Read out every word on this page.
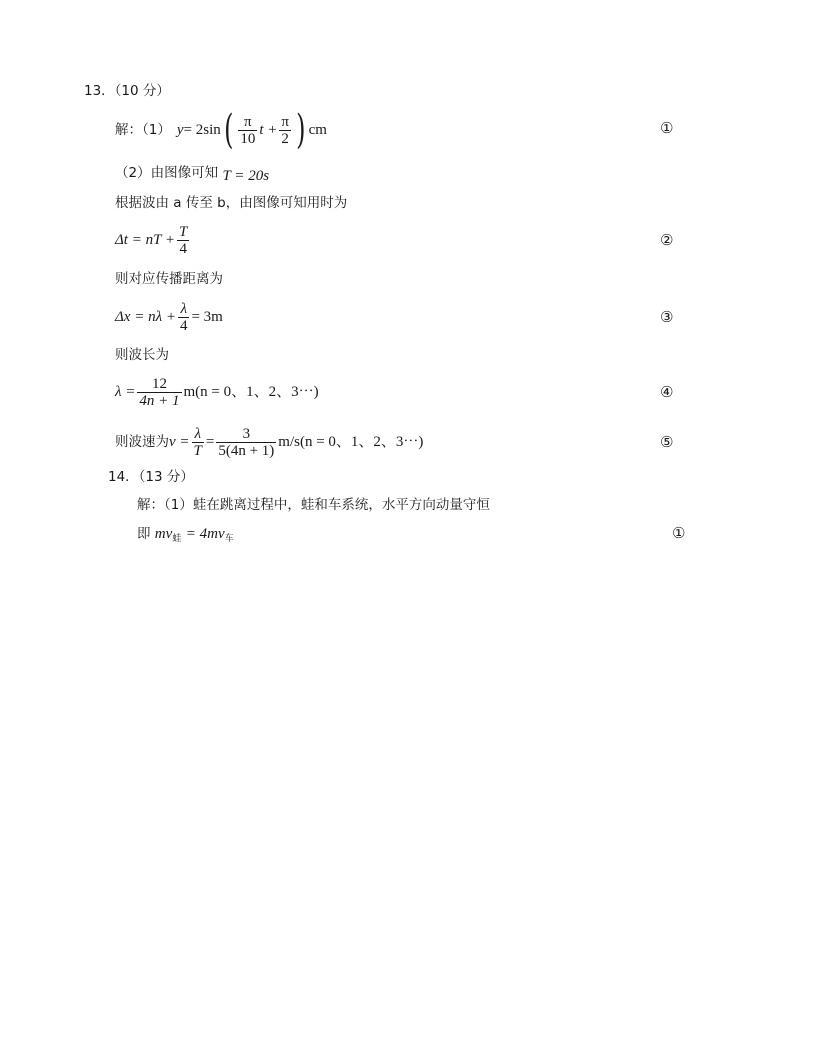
13．（10 分）
解：（1） y = 2sin ( $\frac{\pi}{10}$ $t + \frac{\pi}{2}$ ) cm	①
（2）由图像可知 T = 20s
根据波由 a 传至 b，由图像可知用时为
Δt = nT + $\frac{T}{4}$	②
则对应传播距离为
$\Delta x = n\lambda + \frac{\lambda}{4} = 3m$	③
则波长为
$\lambda = \frac{12}{4n + 1} m(n = 0$、1、2、3⋯)	④
则波速为 $v = \frac{\lambda}{T} = \frac{3}{5(4n + 1)} m/s(n = 0$、1、2、3⋯)	⑤
14．（13 分）
解：（1）蛙在跳离过程中，蛙和车系统，水平方向动量守恒
即 $mv_蛙 = 4mv_车$	①
